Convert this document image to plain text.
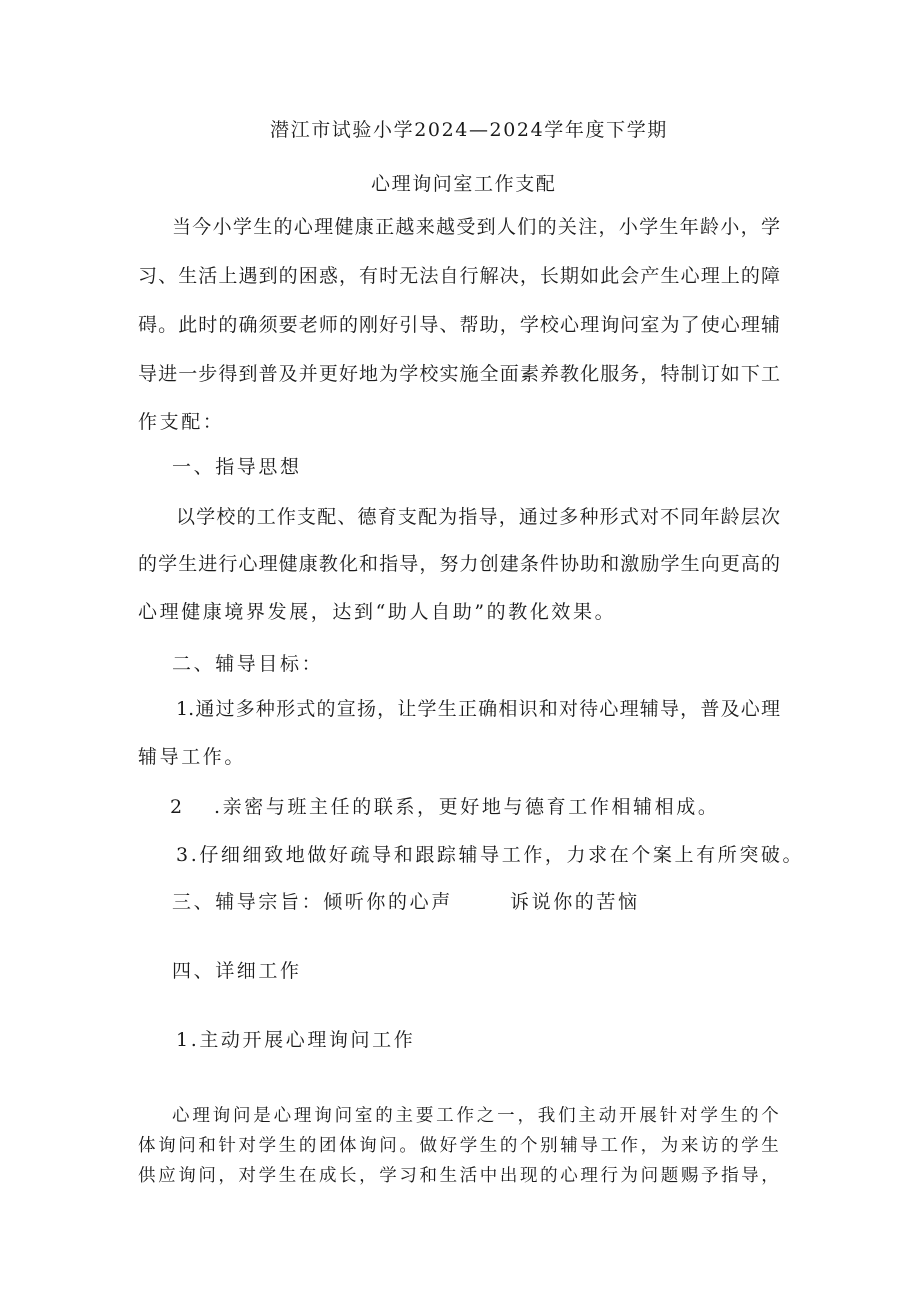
潜江市试验小学2024—2024学年度下学期
心理询问室工作支配
当今小学生的心理健康正越来越受到人们的关注，小学生年龄小，学
习、生活上遇到的困惑，有时无法自行解决，长期如此会产生心理上的障
碍。此时的确须要老师的刚好引导、帮助，学校心理询问室为了使心理辅
导进一步得到普及并更好地为学校实施全面素养教化服务，特制订如下工
作支配：
一、指导思想
以学校的工作支配、德育支配为指导，通过多种形式对不同年龄层次
的学生进行心理健康教化和指导，努力创建条件协助和激励学生向更高的
心理健康境界发展，达到“助人自助”的教化效果。
二、辅导目标：
1.通过多种形式的宣扬，让学生正确相识和对待心理辅导，普及心理
辅导工作。
2 .亲密与班主任的联系，更好地与德育工作相辅相成。
3.仔细细致地做好疏导和跟踪辅导工作，力求在个案上有所突破。
三、辅导宗旨：倾听你的心声	诉说你的苦恼
四、详细工作
1.主动开展心理询问工作
心理询问是心理询问室的主要工作之一，我们主动开展针对学生的个
体询问和针对学生的团体询问。做好学生的个别辅导工作，为来访的学生
供应询问，对学生在成长，学习和生活中出现的心理行为问题赐予指导，
